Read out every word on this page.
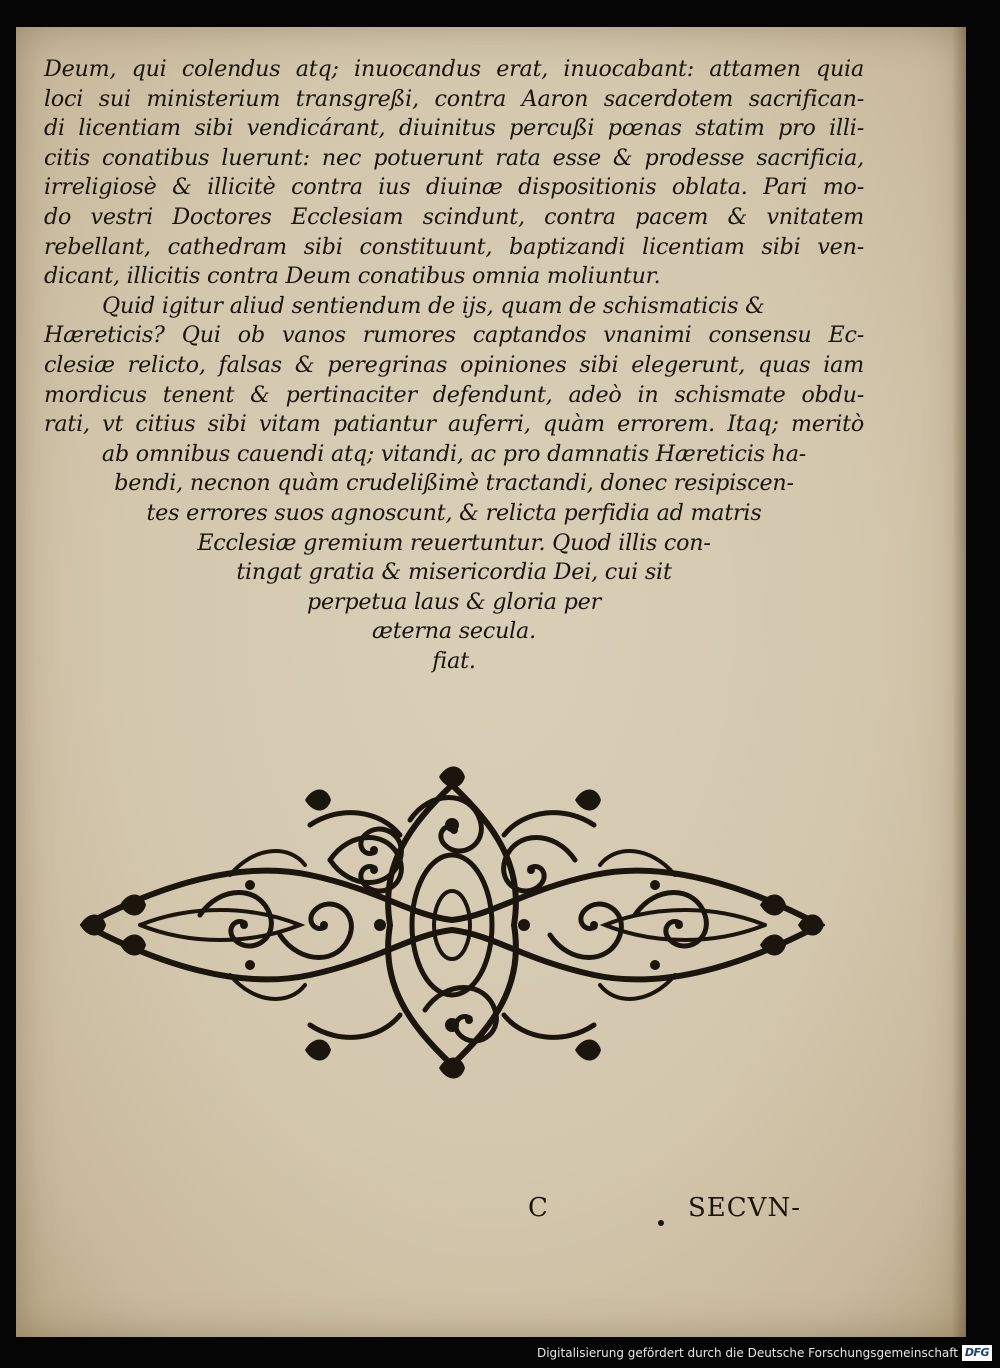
Deum, qui colendus atq; inuocandus erat, inuocabant: attamen quia
loci sui ministerium transgreßi, contra Aaron sacerdotem sacrifican-
di licentiam sibi vendicárant, diuinitus percußi pœnas statim pro illi-
citis conatibus luerunt: nec potuerunt rata esse & prodesse sacrificia,
irreligiosè & illicitè contra ius diuinæ dispositionis oblata. Pari mo-
do vestri Doctores Ecclesiam scindunt, contra pacem & vnitatem
rebellant, cathedram sibi constituunt, baptizandi licentiam sibi ven-
dicant, illicitis contra Deum conatibus omnia moliuntur.
Quid igitur aliud sentiendum de ijs, quam de schismaticis &
Hæreticis? Qui ob vanos rumores captandos vnanimi consensu Ec-
clesiæ relicto, falsas & peregrinas opiniones sibi elegerunt, quas iam
mordicus tenent & pertinaciter defendunt, adeò in schismate obdu-
rati, vt citius sibi vitam patiantur auferri, quàm errorem. Itaq; meritò
ab omnibus cauendi atq; vitandi, ac pro damnatis Hæreticis ha-
bendi, necnon quàm crudelißimè tractandi, donec resipiscen-
tes errores suos agnoscunt, & relicta perfidia ad matris
Ecclesiæ gremium reuertuntur. Quod illis con-
tingat gratia & misericordia Dei, cui sit
perpetua laus & gloria per
æterna secula.
fiat.
C	SECVN-
Digitalisierung gefördert durch die Deutsche Forschungsgemeinschaft DFG
